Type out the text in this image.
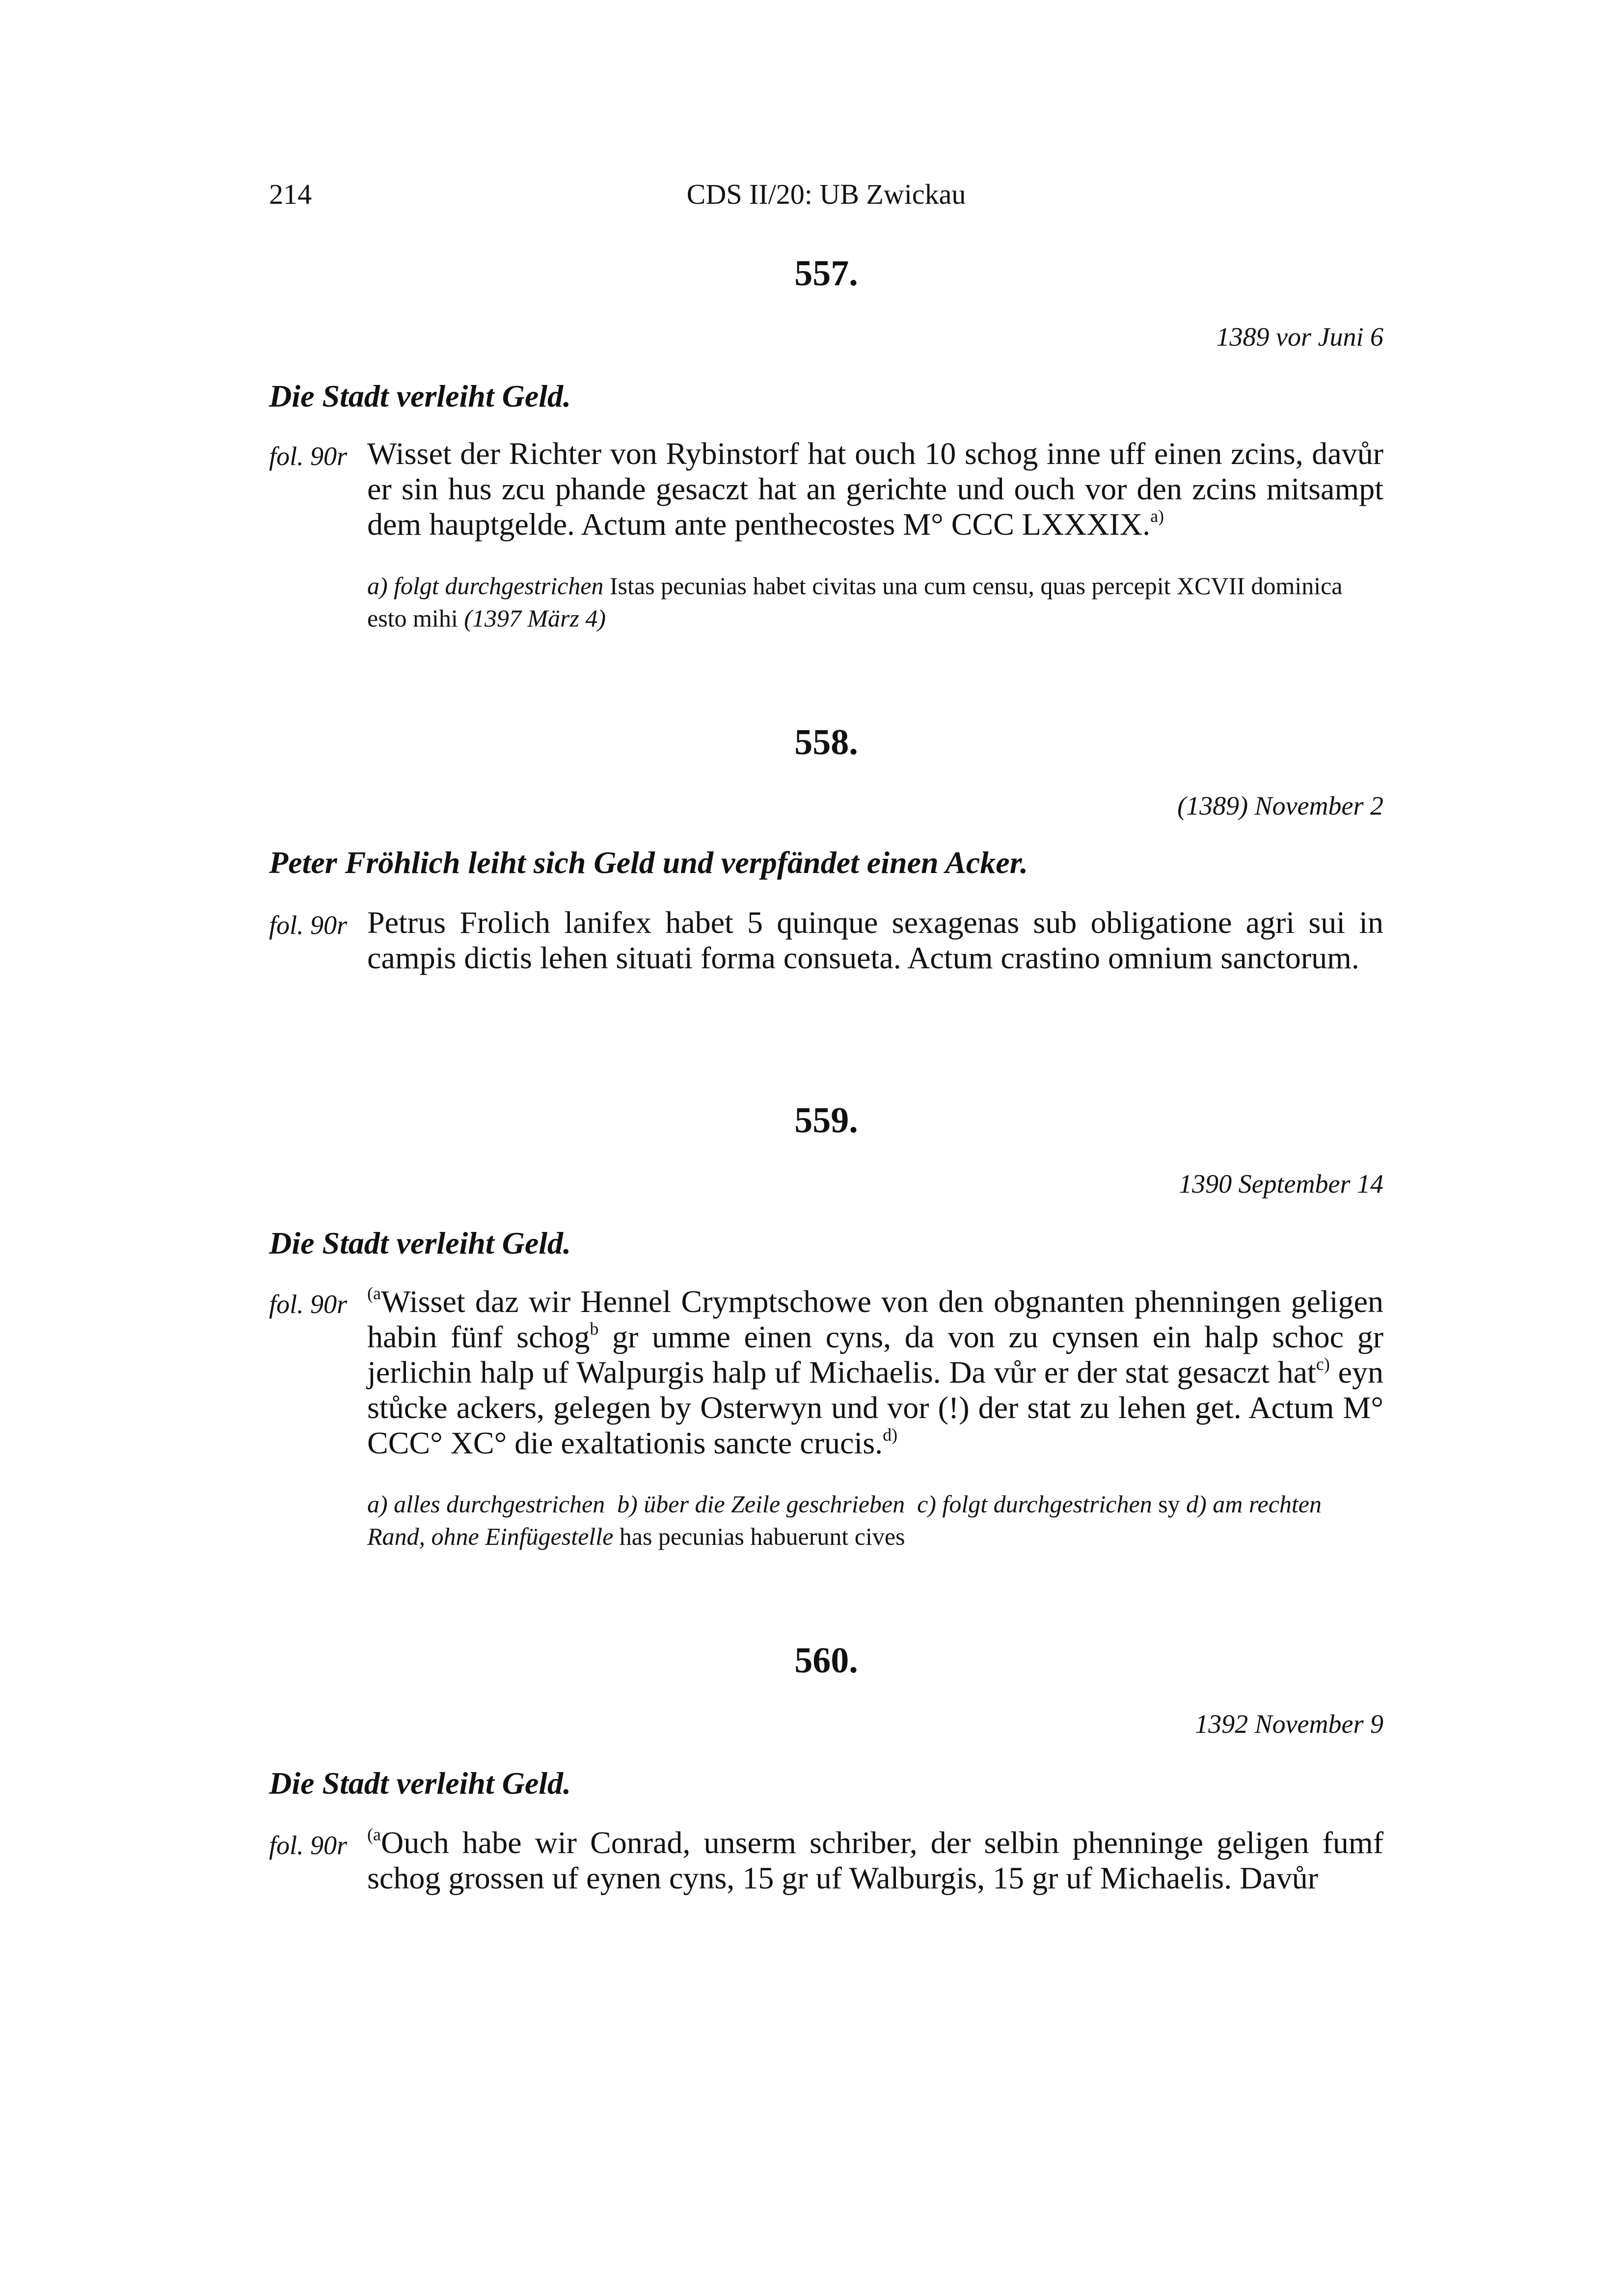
214	CDS II/20: UB Zwickau
557.
1389 vor Juni 6
Die Stadt verleiht Geld.
fol. 90r Wisset der Richter von Rybinstorf hat ouch 10 schog inne uff einen zcins, davůr er sin hus zcu phande gesaczt hat an gerichte und ouch vor den zcins mitsampt dem hauptgelde. Actum ante penthecostes M° CCC LXXXIX.$^{a)}$
a) folgt durchgestrichen Istas pecunias habet civitas una cum censu, quas percepit XCVII dominica esto mihi (1397 März 4)
558.
(1389) November 2
Peter Fröhlich leiht sich Geld und verpfändet einen Acker.
fol. 90r Petrus Frolich lanifex habet 5 quinque sexagenas sub obligatione agri sui in campis dictis lehen situati forma consueta. Actum crastino omnium sanctorum.
559.
1390 September 14
Die Stadt verleiht Geld.
fol. 90r $^{(a}$Wisset daz wir Hennel Crymptschowe von den obgnanten phenningen geligen habin fünf schog$^b$ gr umme einen cyns, da von zu cynsen ein halp schoc gr jerlichin halp uf Walpurgis halp uf Michaelis. Da vůr er der stat gesaczt hat$^{c)}$ eyn stůcke ackers, gelegen by Osterwyn und vor (!) der stat zu lehen get. Actum M° CCC° XC° die exaltationis sancte crucis.$^{d)}$
a) alles durchgestrichen b) über die Zeile geschrieben c) folgt durchgestrichen sy d) am rechten Rand, ohne Einfügestelle has pecunias habuerunt cives
560.
1392 November 9
Die Stadt verleiht Geld.
fol. 90r $^{(a}$Ouch habe wir Conrad, unserm schriber, der selbin phenninge geligen fumf schog grossen uf eynen cyns, 15 gr uf Walburgis, 15 gr uf Michaelis. Davůr
